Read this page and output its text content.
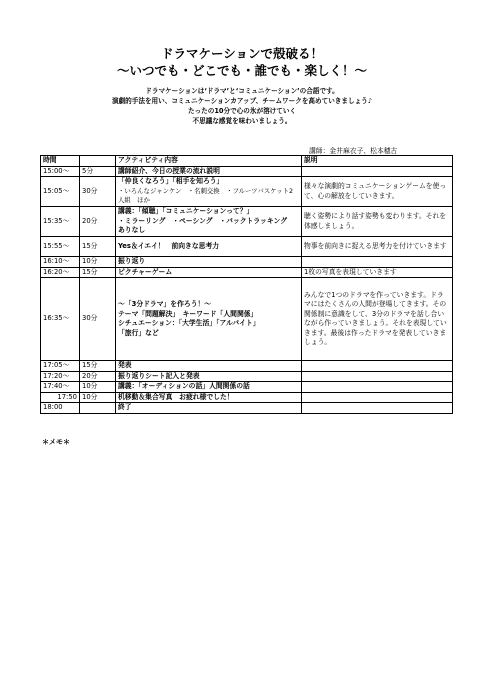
ドラマケーションで殻破る！
～いつでも・どこでも・誰でも・楽しく！～
ドラマケーションは‘ドラマ’と‘コミュニケーション’の合語です。
演劇的手法を用い、コミュニケーションカアップ、チームワークを高めていきましょう♪
たったの10分で心の氷が溶けていく
不思議な感覚を味わいましょう。
講師：金井麻衣子、松本穂古
時間		アクティビティ内容	説明
15:00～	5分	講師紹介、今日の授業の流れ説明	
15:05～	30分	「仲良くなろう」「相手を知ろう」
・いろんなジャンケン　・名刺交換　・フルーツバスケット2人組　ほか	様々な演劇的コミュニケーションゲームを使って、心の解放をしていきます。
15:35～	20分	講義：「傾聴」「コミュニケーションって？」
・ミラーリング　・ペーシング　・バックトラッキング　ありなし	聴く姿勢により話す姿勢も変わります。それを体感しましょう。
15:55～	15分	Yes＆イエイ！　前向きな思考力	物事を前向きに捉える思考力を付けていきます
16:10～	10分	振り返り	
16:20～	15分	ピクチャーゲーム	1枚の写真を表現していきます
16:35～	30分	～「3分ドラマ」を作ろう！～
テーマ「問題解決」　キーワード「人間関係」
シチュエーション：「大学生活」「アルバイト」
「旅行」など	みんなで1つのドラマを作っていきます。ドラマにはたくさんの人間が登場してきます。その関係制に意識をして、3分のドラマを話し合いながら作っていきましょう。それを表現していきます。最後は作ったドラマを発表していきましょう。
17:05～	15分	発表	
17:20～	20分	振り返りシート記入と発表	
17:40～	10分	講義：「オーディションの話」人間関係の話	
17:50	10分	机移動＆集合写真　お疲れ様でした！	
18:00		終了	
＊メモ＊
